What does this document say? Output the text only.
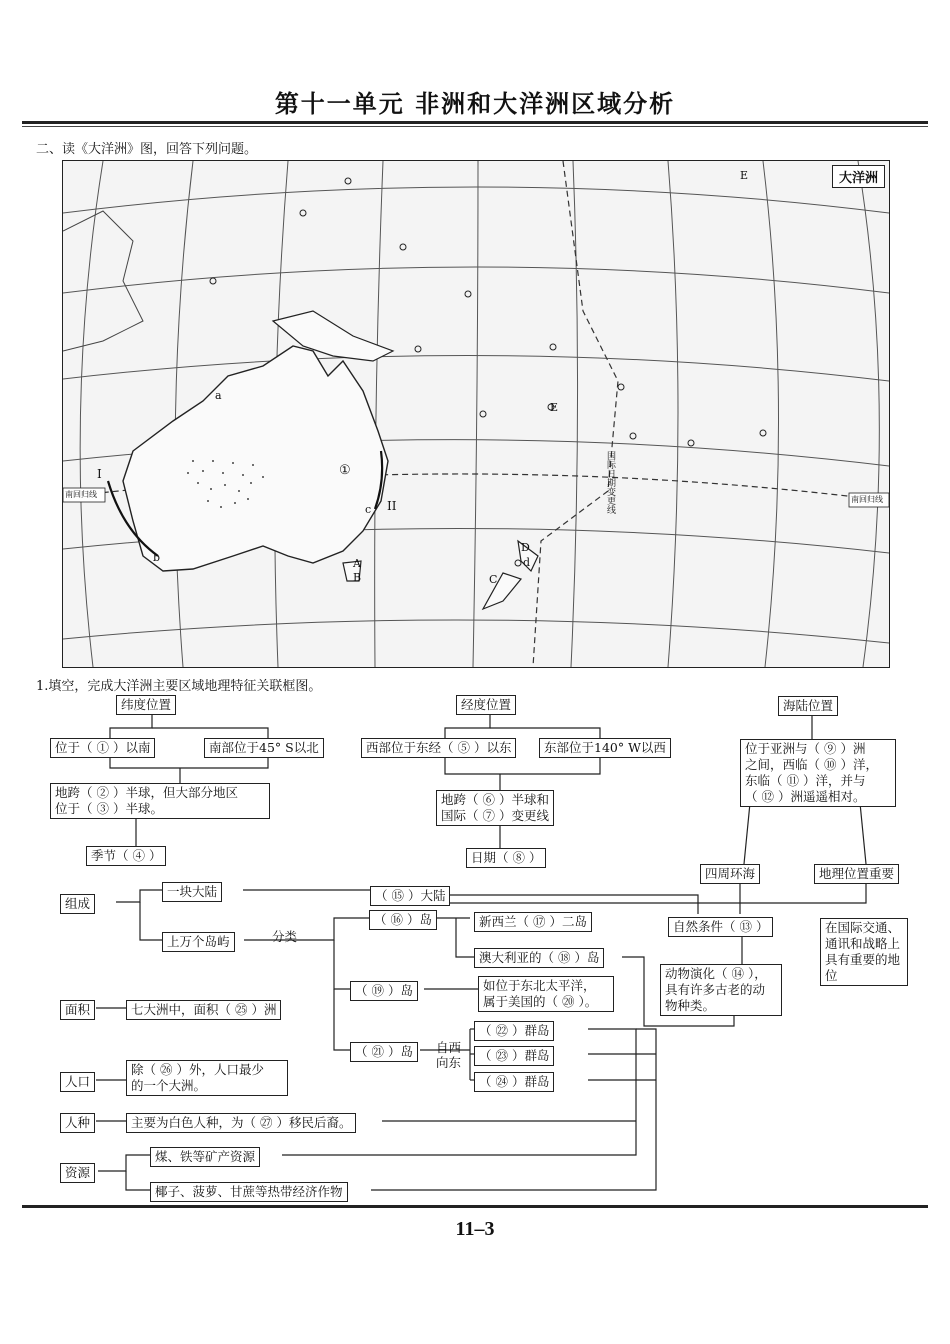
第十一单元 非洲和大洋洲区域分析
二、读《大洋洲》图，回答下列问题。
大洋洲
南回归线
南回归线
国际日期变更线
①
I
II
a
b
c
d
A
B	C
D
E
E
1.填空，完成大洋洲主要区域地理特征关联框图。
纬度位置
位于（ ① ）以南	南部位于45° S以北
地跨（ ② ）半球，但大部分地区
位于（ ③ ）半球。
季节（ ④ ）
经度位置
西部位于东经（ ⑤ ）以东	东部位于140° W以西
地跨（ ⑥ ）半球和
国际（ ⑦ ）变更线
日期（ ⑧ ）
海陆位置
位于亚洲与（ ⑨ ）洲
之间，西临（ ⑩ ）洋，
东临（ ⑪ ）洋，并与
（ ⑫ ）洲遥遥相对。
四周环海	地理位置重要
在国际交通、通讯和战略上具有重要的地位
组成
一块大陆
上万个岛屿	分类
（ ⑮ ）大陆
自然条件（ ⑬ ）
动物演化（ ⑭ ），
具有许多古老的动
物种类。
（ ⑯ ）岛	新西兰（ ⑰ ）二岛
澳大利亚的（ ⑱ ）岛
（ ⑲ ）岛	如位于东北太平洋，
属于美国的（ ⑳ ）。
（ ㉑ ）岛	自西
向东
（ ㉒ ）群岛
（ ㉓ ）群岛
（ ㉔ ）群岛
面积	七大洲中，面积（ ㉕ ）洲
人口
除（ ㉖ ）外，人口最少
的一个大洲。
人种	主要为白色人种，为（ ㉗ ）移民后裔。
资源
煤、铁等矿产资源
椰子、菠萝、甘蔗等热带经济作物
11–3
